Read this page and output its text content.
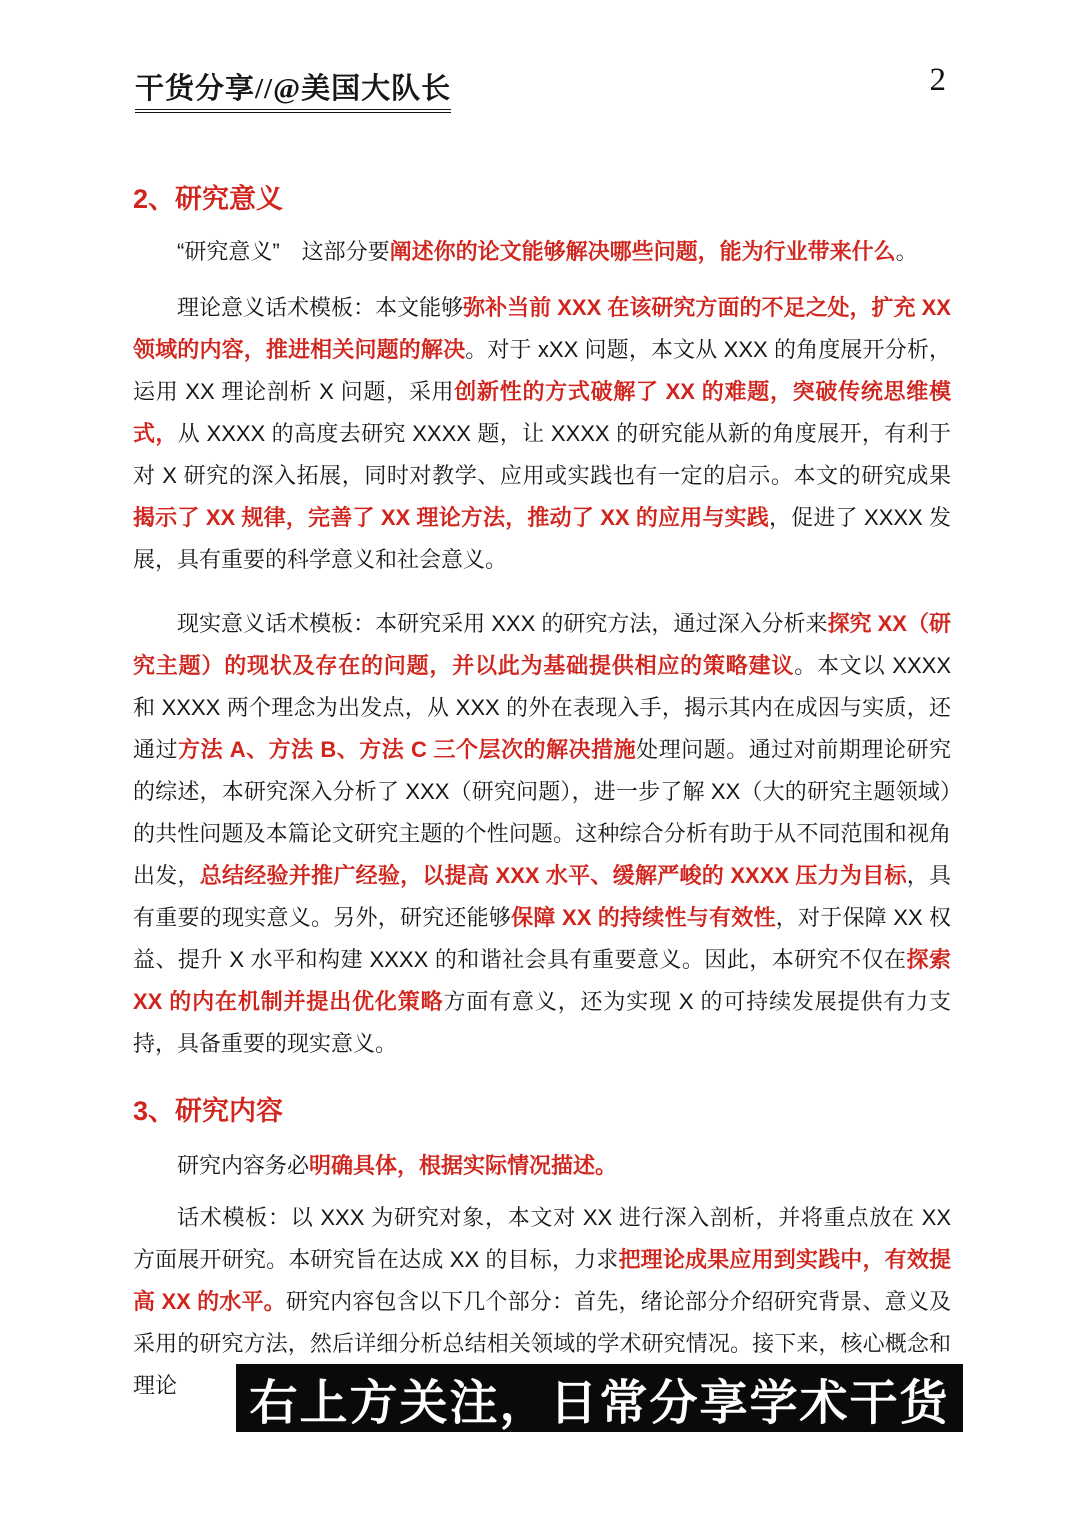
干货分享//@美国大队长	2
2、研究意义

“研究意义”　这部分要阐述你的论文能够解决哪些问题，能为行业带来什么。

理论意义话术模板：本文能够弥补当前 XXX 在该研究方面的不足之处，扩充 XX 领域的内容，推进相关问题的解决。对于 xXX 问题，本文从 XXX 的角度展开分析，运用 XX 理论剖析 X 问题，采用创新性的方式破解了 XX 的难题，突破传统思维模式，从 XXXX 的高度去研究 XXXX 题，让 XXXX 的研究能从新的角度展开，有利于对 X 研究的深入拓展，同时对教学、应用或实践也有一定的启示。本文的研究成果揭示了 XX 规律，完善了 XX 理论方法，推动了 XX 的应用与实践，促进了 XXXX 发展，具有重要的科学意义和社会意义。

现实意义话术模板：本研究采用 XXX 的研究方法，通过深入分析来探究 XX（研究主题）的现状及存在的问题，并以此为基础提供相应的策略建议。本文以 XXXX 和 XXXX 两个理念为出发点，从 XXX 的外在表现入手，揭示其内在成因与实质，还通过方法 A、方法 B、方法 C 三个层次的解决措施处理问题。通过对前期理论研究的综述，本研究深入分析了 XXX（研究问题），进一步了解 XX（大的研究主题领域）的共性问题及本篇论文研究主题的个性问题。这种综合分析有助于从不同范围和视角出发，总结经验并推广经验，以提高 XXX 水平、缓解严峻的 XXXX 压力为目标，具有重要的现实意义。另外，研究还能够保障 XX 的持续性与有效性，对于保障 XX 权益、提升 X 水平和构建 XXXX 的和谐社会具有重要意义。因此，本研究不仅在探索 XX 的内在机制并提出优化策略方面有意义，还为实现 X 的可持续发展提供有力支持，具备重要的现实意义。

3、研究内容

研究内容务必明确具体，根据实际情况描述。

话术模板：以 XXX 为研究对象，本文对 XX 进行深入剖析，并将重点放在 XX 方面展开研究。本研究旨在达成 XX 的目标，力求把理论成果应用到实践中，有效提高 XX 的水平。研究内容包含以下几个部分：首先，绪论部分介绍研究背景、意义及采用的研究方法，然后详细分析总结相关领域的学术研究情况。接下来，核心概念和理论	右上方关注，日常分享学术干货
